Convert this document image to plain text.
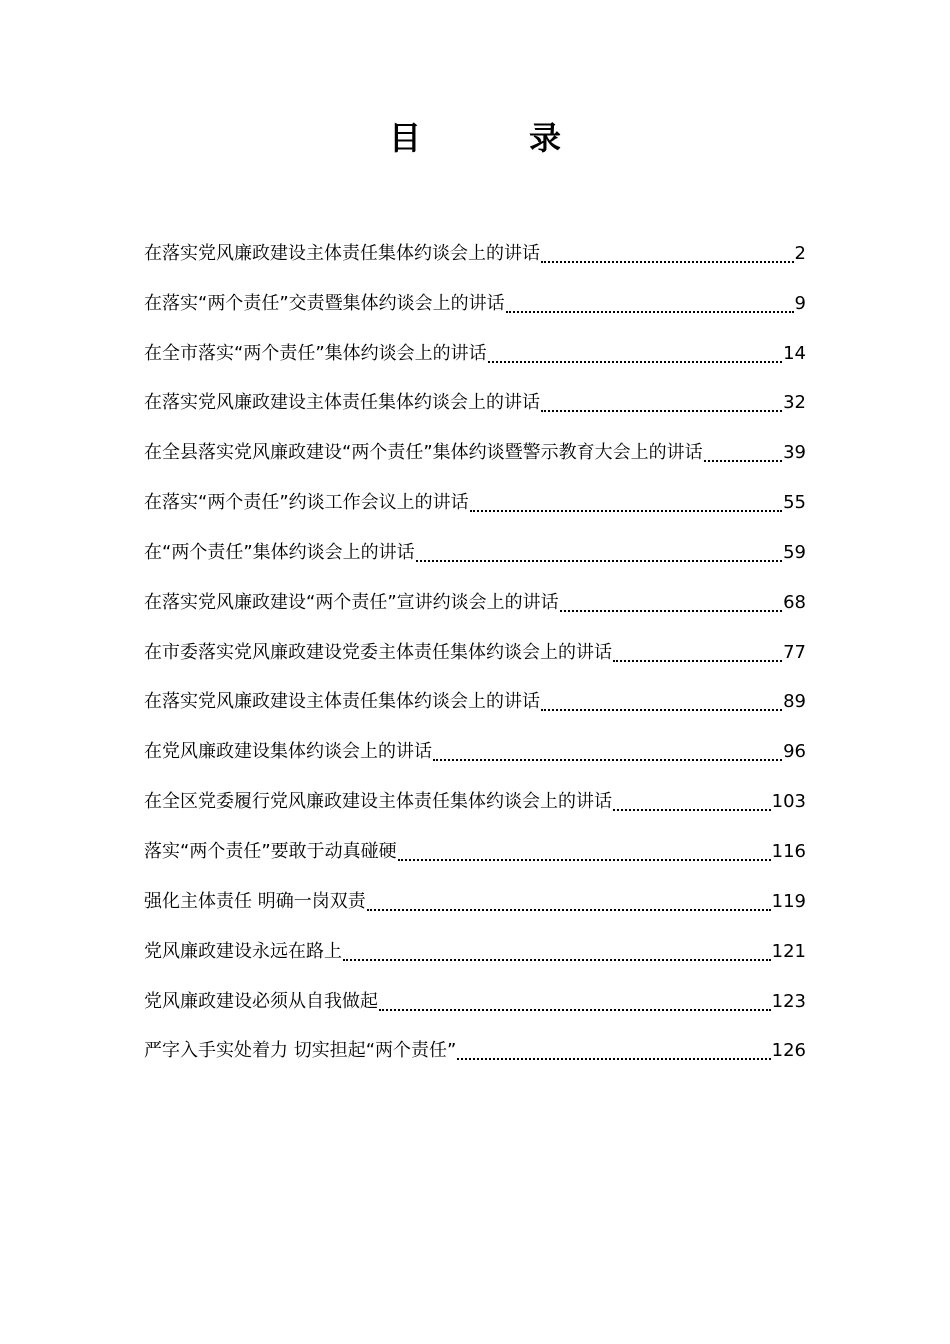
目　录
在落实党风廉政建设主体责任集体约谈会上的讲话	2
在落实“两个责任”交责暨集体约谈会上的讲话	9
在全市落实“两个责任”集体约谈会上的讲话	14
在落实党风廉政建设主体责任集体约谈会上的讲话	32
在全县落实党风廉政建设“两个责任”集体约谈暨警示教育大会上的讲话	39
在落实“两个责任”约谈工作会议上的讲话	55
在“两个责任”集体约谈会上的讲话	59
在落实党风廉政建设“两个责任”宣讲约谈会上的讲话	68
在市委落实党风廉政建设党委主体责任集体约谈会上的讲话	77
在落实党风廉政建设主体责任集体约谈会上的讲话	89
在党风廉政建设集体约谈会上的讲话	96
在全区党委履行党风廉政建设主体责任集体约谈会上的讲话	103
落实“两个责任”要敢于动真碰硬	116
强化主体责任 明确一岗双责	119
党风廉政建设永远在路上	121
党风廉政建设必须从自我做起	123
严字入手实处着力 切实担起“两个责任”	126
